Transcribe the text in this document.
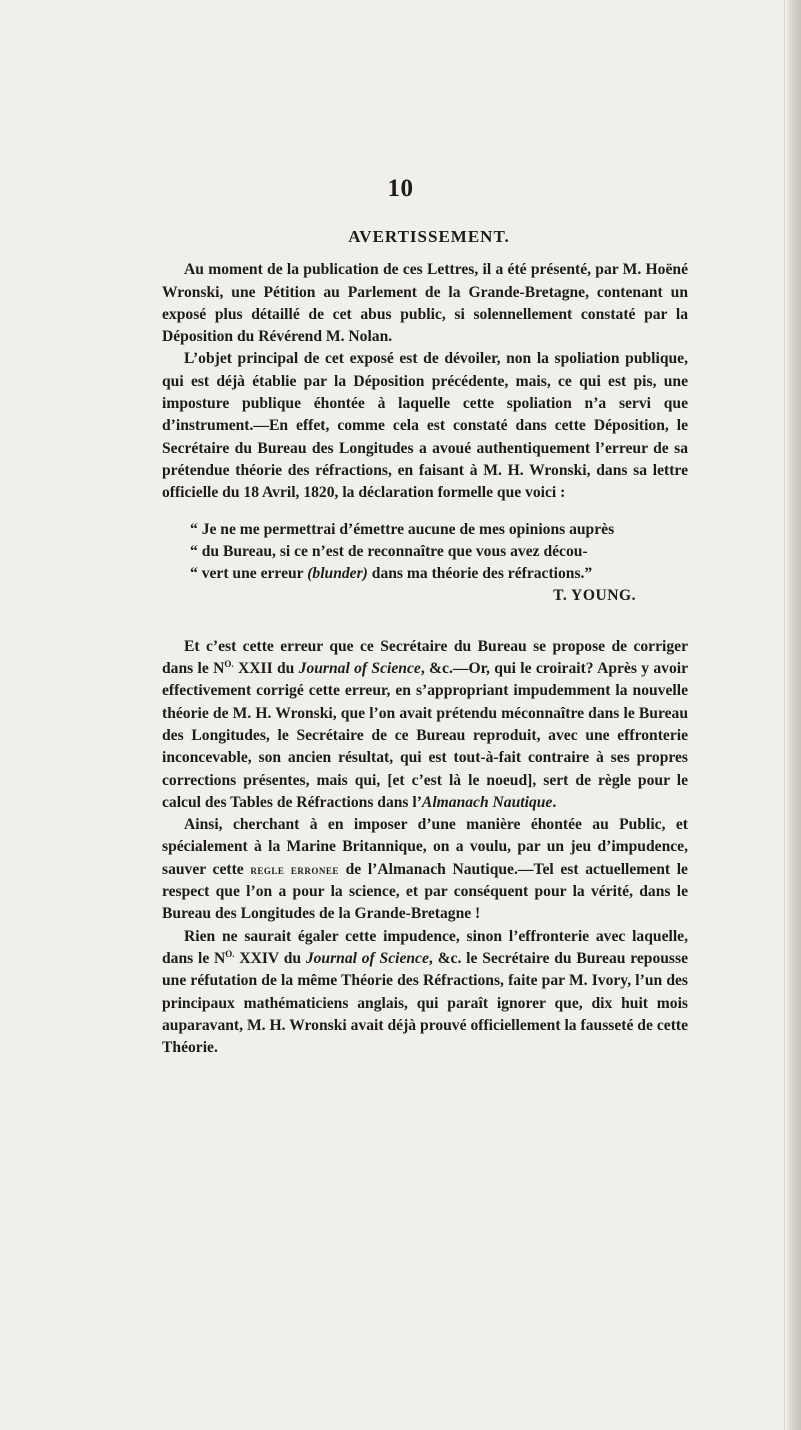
10
AVERTISSEMENT.

Au moment de la publication de ces Lettres, il a été présenté, par M. Hoëné Wronski, une Pétition au Parlement de la Grande-Bretagne, contenant un exposé plus détaillé de cet abus public, si solennellement constaté par la Déposition du Révérend M. Nolan.

L’objet principal de cet exposé est de dévoiler, non la spoliation publique, qui est déjà établie par la Déposition précédente, mais, ce qui est pis, une imposture publique éhontée à laquelle cette spoliation n’a servi que d’instrument.—En effet, comme cela est constaté dans cette Déposition, le Secrétaire du Bureau des Longitudes a avoué authentiquement l’erreur de sa prétendue théorie des réfractions, en faisant à M. H. Wronski, dans sa lettre officielle du 18 Avril, 1820, la déclaration formelle que voici :

“ Je ne me permettrai d’émettre aucune de mes opinions auprès
“ du Bureau, si ce n’est de reconnaître que vous avez décou-
“ vert une erreur (blunder) dans ma théorie des réfractions.”
T. YOUNG.

Et c’est cette erreur que ce Secrétaire du Bureau se propose de corriger dans le $N^{O.}$ XXII du Journal of Science, &c.—Or, qui le croirait? Après y avoir effectivement corrigé cette erreur, en s’appropriant impudemment la nouvelle théorie de M. H. Wronski, que l’on avait prétendu méconnaître dans le Bureau des Longitudes, le Secrétaire de ce Bureau reproduit, avec une effronterie inconcevable, son ancien résultat, qui est tout-à-fait contraire à ses propres corrections présentes, mais qui, [et c’est là le noeud], sert de règle pour le calcul des Tables de Réfractions dans l’Almanach Nautique.

Ainsi, cherchant à en imposer d’une manière éhontée au Public, et spécialement à la Marine Britannique, on a voulu, par un jeu d’impudence, sauver cette regle erronee de l’Almanach Nautique.—Tel est actuellement le respect que l’on a pour la science, et par conséquent pour la vérité, dans le Bureau des Longitudes de la Grande-Bretagne !

Rien ne saurait égaler cette impudence, sinon l’effronterie avec laquelle, dans le $N^{O.}$ XXIV du Journal of Science, &c. le Secrétaire du Bureau repousse une réfutation de la même Théorie des Réfractions, faite par M. Ivory, l’un des principaux mathématiciens anglais, qui paraît ignorer que, dix huit mois auparavant, M. H. Wronski avait déjà prouvé officiellement la fausseté de cette Théorie.
